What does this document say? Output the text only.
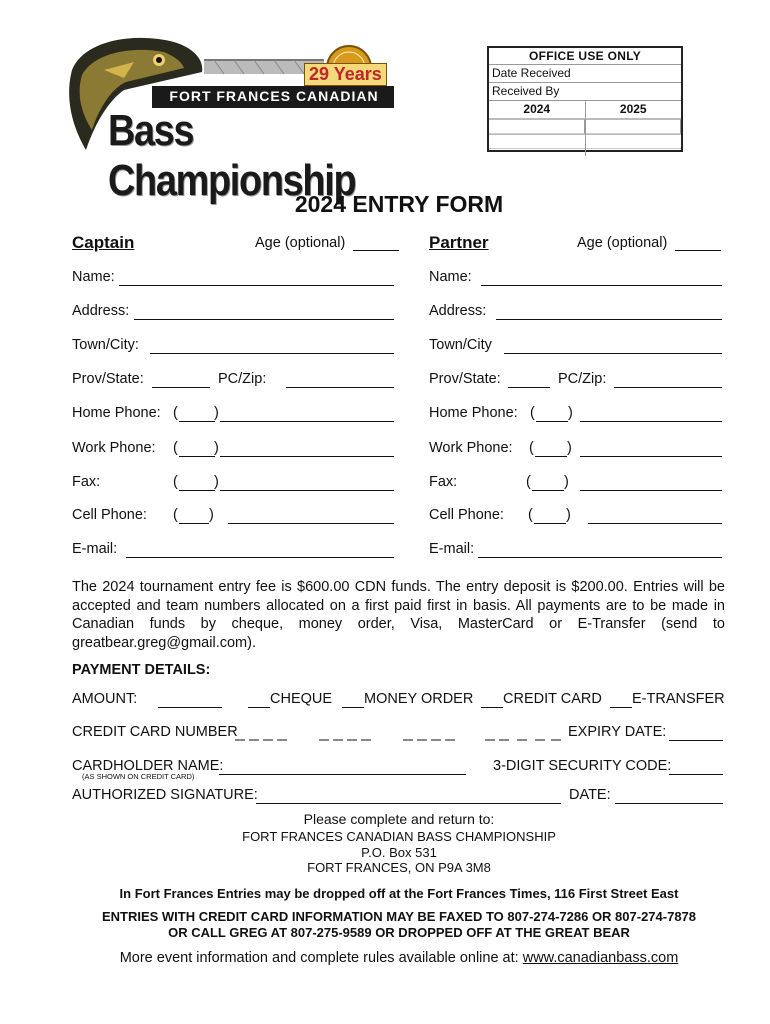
29 Years
FORT FRANCES CANADIAN
Bass Championship
OFFICE USE ONLY
Date Received
Received By
2024	2025
2024 ENTRY FORM
Captain	Age (optional)
Name:
Address:
Town/City:
Prov/State:	PC/Zip:
Home Phone: ( )
Work Phone: ( )
Fax:	( )
Cell Phone: ( )
E-mail:
Partner	Age (optional)
Name:
Address:
Town/City
Prov/State:	PC/Zip:
Home Phone: ( )
Work Phone: ( )
Fax:	( )
Cell Phone: ( )
E-mail:
The 2024 tournament entry fee is $600.00 CDN funds. The entry deposit is $200.00. Entries will be accepted and team numbers allocated on a first paid first in basis. All payments are to be made in Canadian funds by cheque, money order, Visa, MasterCard or E-Transfer (send to greatbear.greg@gmail.com).
PAYMENT DETAILS:
AMOUNT:	CHEQUE MONEY ORDER CREDIT CARD E-TRANSFER
CREDIT CARD NUMBER	EXPIRY DATE:
CARDHOLDER NAME:
(AS SHOWN ON CREDIT CARD)
3-DIGIT SECURITY CODE:
AUTHORIZED SIGNATURE:	DATE:
Please complete and return to:
FORT FRANCES CANADIAN BASS CHAMPIONSHIP
P.O. Box 531
FORT FRANCES, ON P9A 3M8
In Fort Frances Entries may be dropped off at the Fort Frances Times, 116 First Street East
ENTRIES WITH CREDIT CARD INFORMATION MAY BE FAXED TO 807-274-7286 OR 807-274-7878
OR CALL GREG AT 807-275-9589 OR DROPPED OFF AT THE GREAT BEAR
More event information and complete rules available online at: www.canadianbass.com
